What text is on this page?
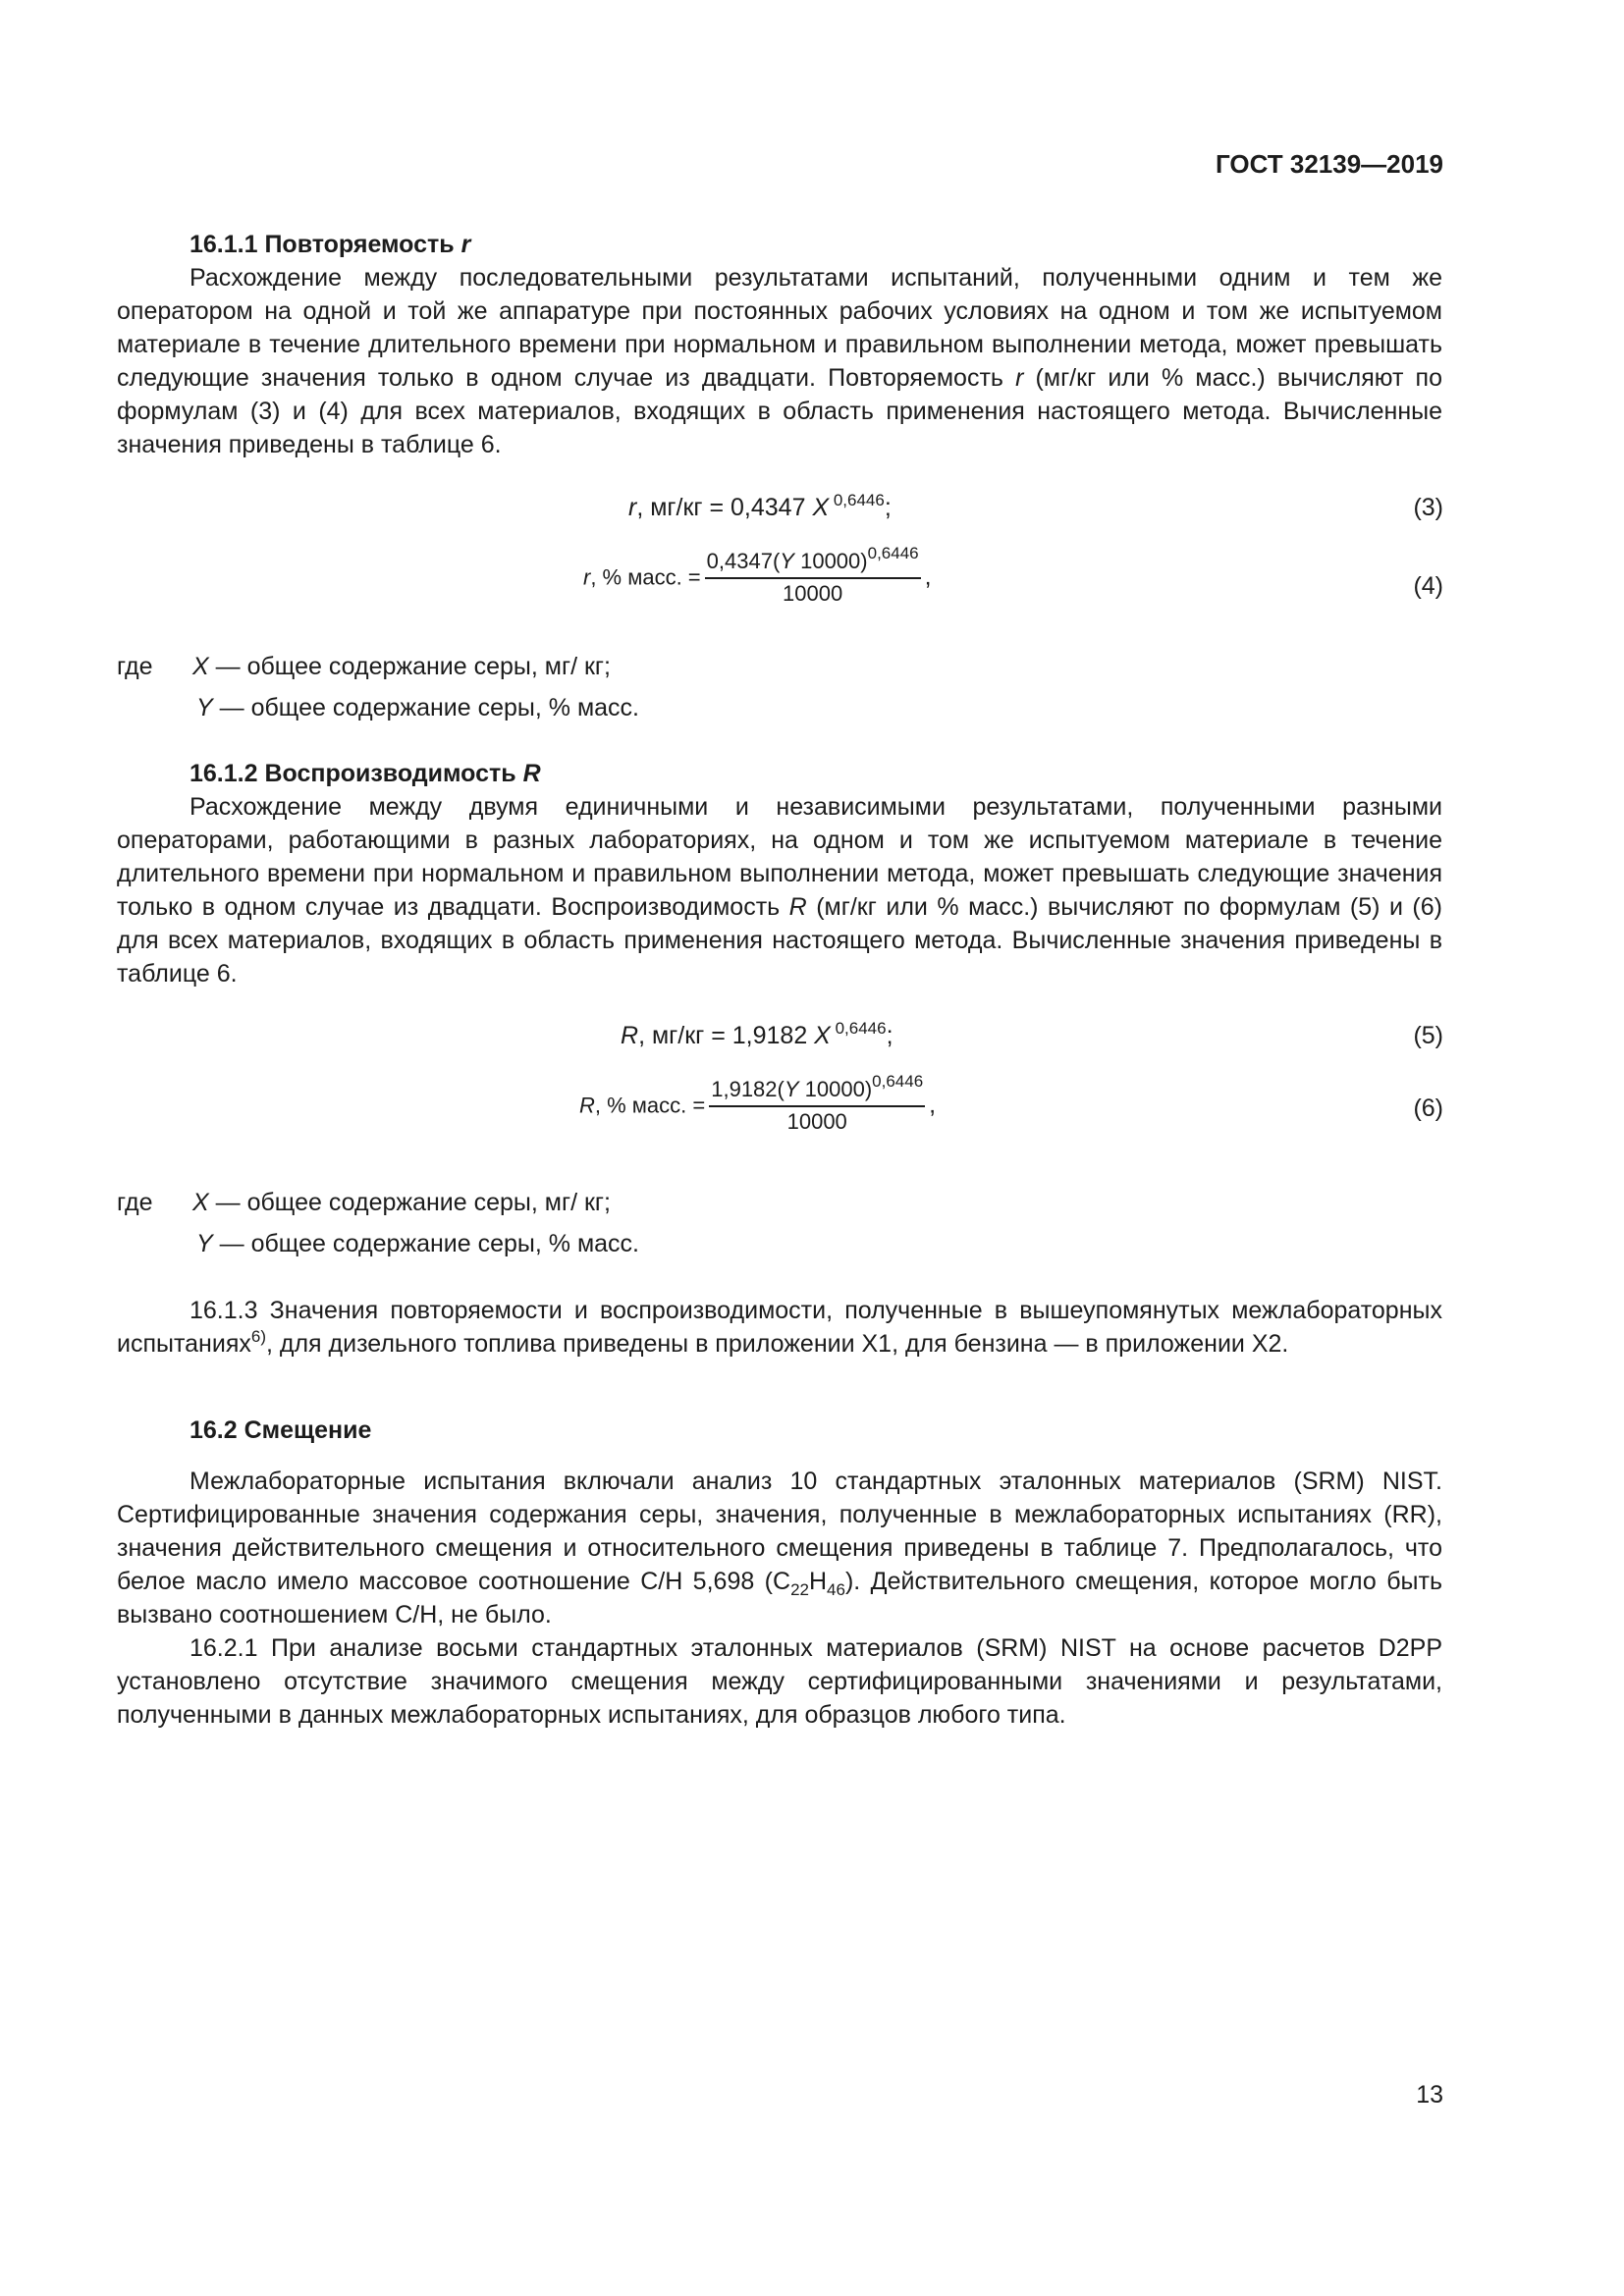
ГОСТ 32139—2019
16.1.1 Повторяемость r

Расхождение между последовательными результатами испытаний, полученными одним и тем же оператором на одной и той же аппаратуре при постоянных рабочих условиях на одном и том же испытуемом материале в течение длительного времени при нормальном и правильном выполнении метода, может превышать следующие значения только в одном случае из двадцати. Повторяемость r (мг/кг или % масс.) вычисляют по формулам (3) и (4) для всех материалов, входящих в область применения настоящего метода. Вычисленные значения приведены в таблице 6.

r, мг/кг = 0,4347 X $^{0,6446}$;	(3)
r, % масс. = $\frac{0,4347(Y 10000)^{0,6446}}{10000}$ ,	(4)
где X — общее содержание серы, мг/ кг;
Y — общее содержание серы, % масс.
16.1.2 Воспроизводимость R

Расхождение между двумя единичными и независимыми результатами, полученными разными операторами, работающими в разных лабораториях, на одном и том же испытуемом материале в течение длительного времени при нормальном и правильном выполнении метода, может превышать следующие значения только в одном случае из двадцати. Воспроизводимость R (мг/кг или % масс.) вычисляют по формулам (5) и (6) для всех материалов, входящих в область применения настоящего метода. Вычисленные значения приведены в таблице 6.

R, мг/кг = 1,9182 X $^{0,6446}$;	(5)
R, % масс. = $\frac{1,9182(Y 10000)^{0,6446}}{10000}$ ,	(6)
где X — общее содержание серы, мг/ кг;
Y — общее содержание серы, % масс.

16.1.3 Значения повторяемости и воспроизводимости, полученные в вышеупомянутых межлабораторных испытаниях$^{6)}$, для дизельного топлива приведены в приложении X1, для бензина — в приложении X2.

16.2 Смещение

Межлабораторные испытания включали анализ 10 стандартных эталонных материалов (SRM) NIST. Сертифицированные значения содержания серы, значения, полученные в межлабораторных испытаниях (RR), значения действительного смещения и относительного смещения приведены в таблице 7. Предполагалось, что белое масло имело массовое соотношение C/H 5,698 $(C_{22}H_{46})$. Действительного смещения, которое могло быть вызвано соотношением C/H, не было.

16.2.1 При анализе восьми стандартных эталонных материалов (SRM) NIST на основе расчетов D2PP установлено отсутствие значимого смещения между сертифицированными значениями и результатами, полученными в данных межлабораторных испытаниях, для образцов любого типа.

13
